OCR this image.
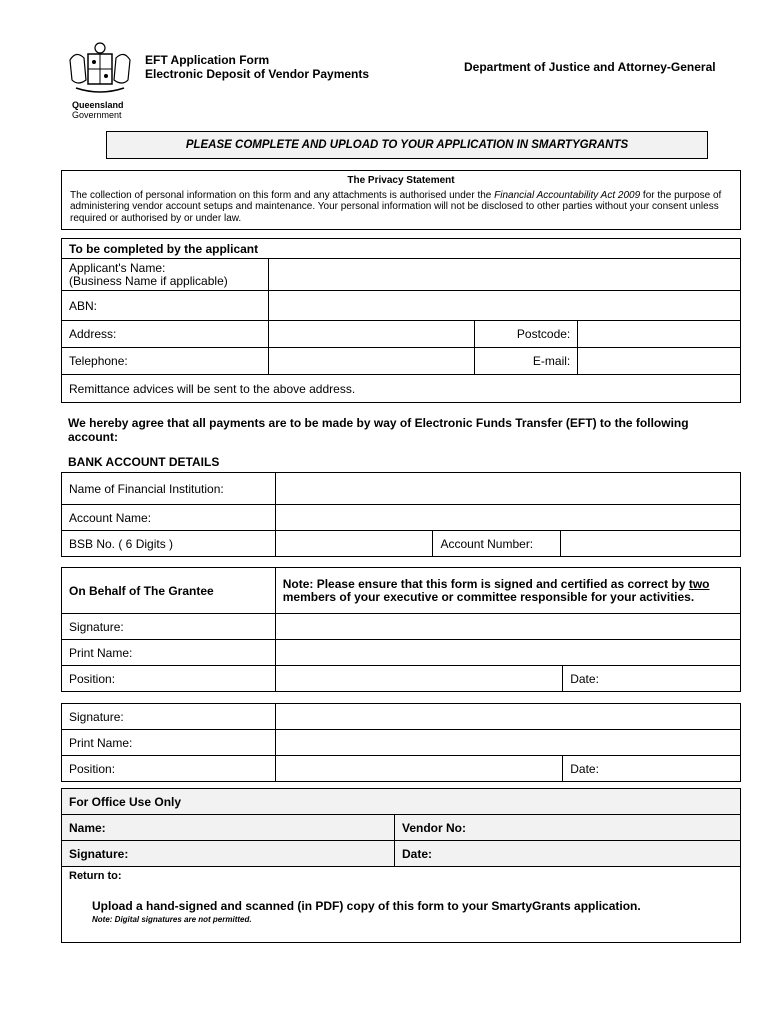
Queensland
Government
EFT Application Form
Electronic Deposit of Vendor Payments	Department of Justice and Attorney-General
PLEASE COMPLETE AND UPLOAD TO YOUR APPLICATION IN SMARTYGRANTS
The Privacy Statement
The collection of personal information on this form and any attachments is authorised under the Financial Accountability Act 2009 for the purpose of administering vendor account setups and maintenance. Your personal information will not be disclosed to other parties without your consent unless required or authorised by or under law.
To be completed by the applicant			

Applicant's Name:
(Business Name if applicable)			

ABN:			
Address:		Postcode:	
Telephone:		E-mail:	
Remittance advices will be sent to the above address.			
We hereby agree that all payments are to be made by way of Electronic Funds Transfer (EFT) to the following account:
BANK ACCOUNT DETAILS
Name of Financial Institution:			
Account Name:			
BSB No. ( 6 Digits )		Account Number:	
On Behalf of The Grantee	Note: Please ensure that this form is signed and certified as correct by two members of your executive or committee responsible for your activities.	
Signature:		
Print Name:		
Position:		Date:
Signature:		
Print Name:		
Position:		Date:
For Office Use Only
Name:	Vendor No:
Signature:	Date:
Return to:
Upload a hand-signed and scanned (in PDF) copy of this form to your SmartyGrants application.
Note: Digital signatures are not permitted.
